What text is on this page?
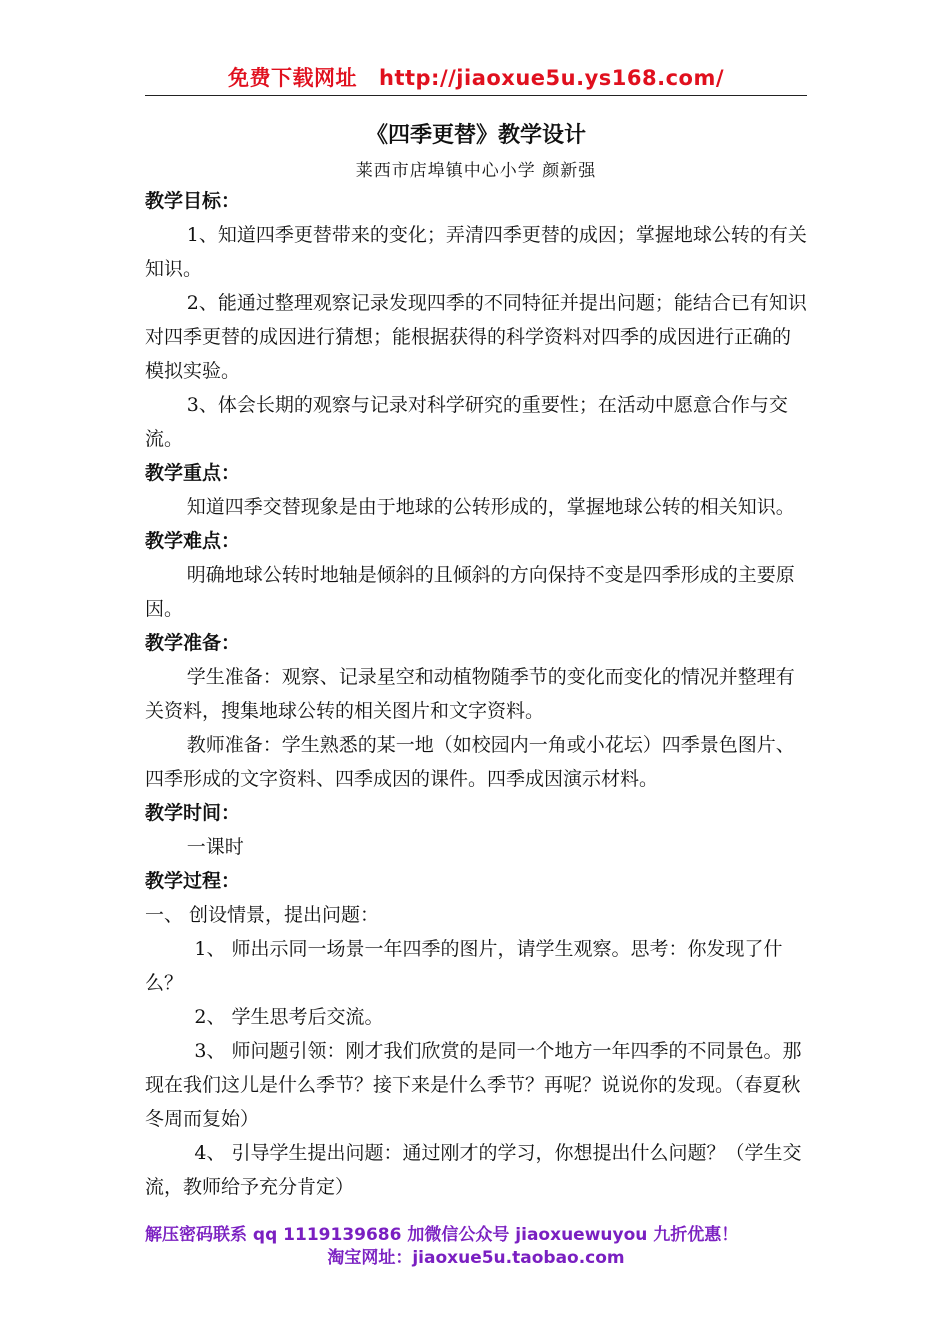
免费下载网址 http://jiaoxue5u.ys168.com/
《四季更替》教学设计
莱西市店埠镇中心小学 颜新强

教学目标：

1、知道四季更替带来的变化；弄清四季更替的成因；掌握地球公转的有关知识。

2、能通过整理观察记录发现四季的不同特征并提出问题；能结合已有知识对四季更替的成因进行猜想；能根据获得的科学资料对四季的成因进行正确的模拟实验。

3、体会长期的观察与记录对科学研究的重要性；在活动中愿意合作与交流。

教学重点：

知道四季交替现象是由于地球的公转形成的，掌握地球公转的相关知识。

教学难点：

明确地球公转时地轴是倾斜的且倾斜的方向保持不变是四季形成的主要原因。

教学准备：

学生准备：观察、记录星空和动植物随季节的变化而变化的情况并整理有关资料，搜集地球公转的相关图片和文字资料。

教师准备：学生熟悉的某一地（如校园内一角或小花坛）四季景色图片、四季形成的文字资料、四季成因的课件。四季成因演示材料。

教学时间：

一课时

教学过程：

一、 创设情景，提出问题：

1、 师出示同一场景一年四季的图片，请学生观察。思考：你发现了什么？

2、 学生思考后交流。

3、 师问题引领：刚才我们欣赏的是同一个地方一年四季的不同景色。那现在我们这儿是什么季节？接下来是什么季节？再呢？说说你的发现。（春夏秋冬周而复始）

4、 引导学生提出问题：通过刚才的学习，你想提出什么问题？（学生交流，教师给予充分肯定）

解压密码联系 qq 1119139686 加微信公众号 jiaoxuewuyou 九折优惠！
淘宝网址：jiaoxue5u.taobao.com
